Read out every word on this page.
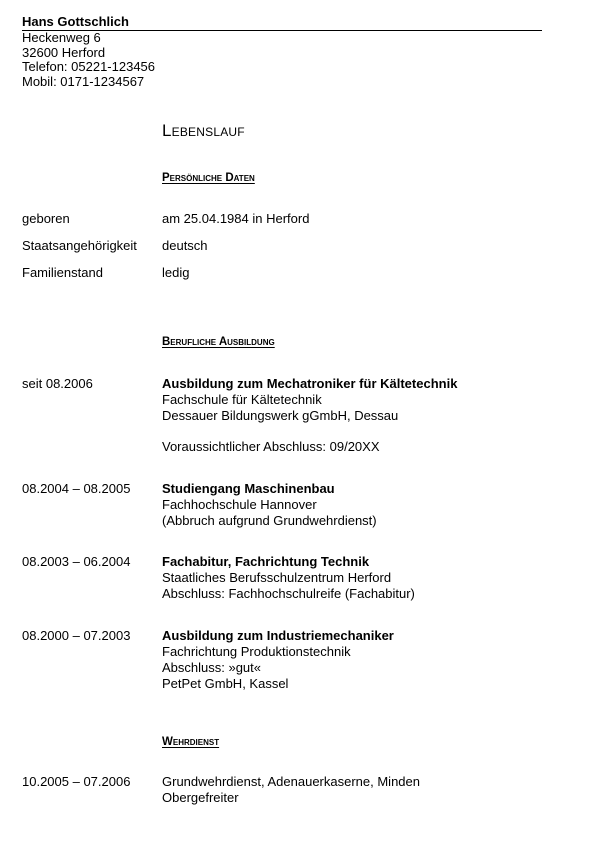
Hans Gottschlich
Heckenweg 6
32600 Herford
Telefon: 05221-123456
Mobil: 0171-1234567
Lebenslauf
Persönliche Daten
geboren	am 25.04.1984 in Herford
Staatsangehörigkeit	deutsch
Familienstand	ledig
Berufliche Ausbildung
seit 08.2006	Ausbildung zum Mechatroniker für Kältetechnik
Fachschule für Kältetechnik
Dessauer Bildungswerk gGmbH, Dessau
Voraussichtlicher Abschluss: 09/20XX
08.2004 – 08.2005	Studiengang Maschinenbau
Fachhochschule Hannover
(Abbruch aufgrund Grundwehrdienst)
08.2003 – 06.2004	Fachabitur, Fachrichtung Technik
Staatliches Berufsschulzentrum Herford
Abschluss: Fachhochschulreife (Fachabitur)
08.2000 – 07.2003	Ausbildung zum Industriemechaniker
Fachrichtung Produktionstechnik
Abschluss: »gut«
PetPet GmbH, Kassel
Wehrdienst
10.2005 – 07.2006	Grundwehrdienst, Adenauerkaserne, Minden
Obergefreiter
